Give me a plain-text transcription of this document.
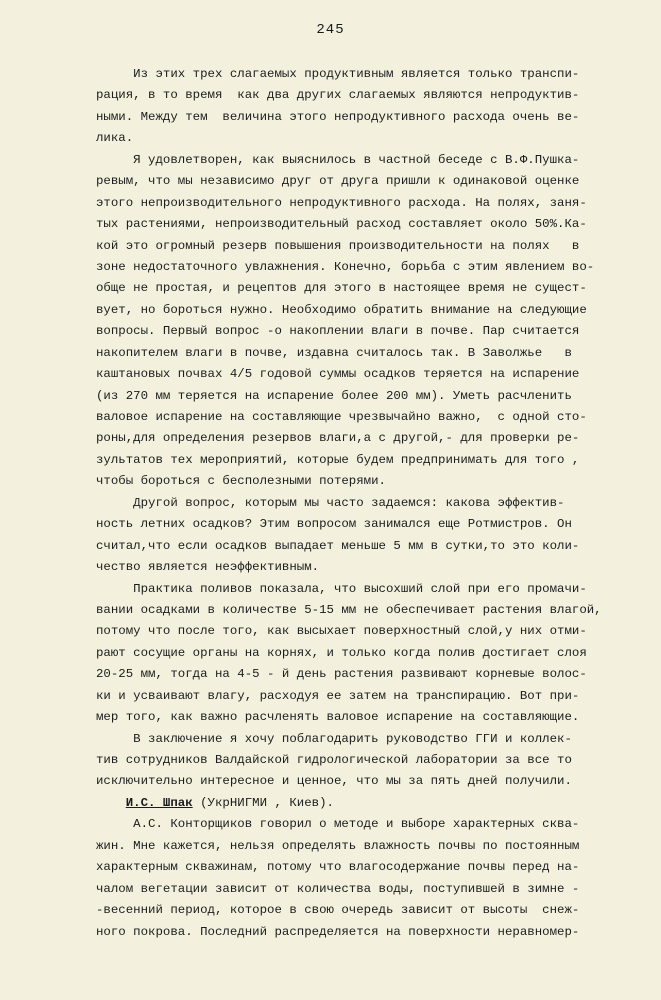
245
Из этих трех слагаемых продуктивным является только транспи-
рация, в то время  как два других слагаемых являются непродуктив-
ными. Между тем  величина этого непродуктивного расхода очень ве-
лика.
Я удовлетворен, как выяснилось в частной беседе с В.Ф.Пушка-
ревым, что мы независимо друг от друга пришли к одинаковой оценке
этого непроизводительного непродуктивного расхода. На полях, заня-
тых растениями, непроизводительный расход составляет около 50%.Ка-
кой это огромный резерв повышения производительности на полях   в
зоне недостаточного увлажнения. Конечно, борьба с этим явлением во-
обще не простая, и рецептов для этого в настоящее время не сущест-
вует, но бороться нужно. Необходимо обратить внимание на следующие
вопросы. Первый вопрос -о накоплении влаги в почве. Пар считается
накопителем влаги в почве, издавна считалось так. В Заволжье   в
каштановых почвах 4/5 годовой суммы осадков теряется на испарение
(из 270 мм теряется на испарение более 200 мм). Уметь расчленить
валовое испарение на составляющие чрезвычайно важно,  с одной сто-
роны,для определения резервов влаги,а с другой,- для проверки ре-
зультатов тех мероприятий, которые будем предпринимать для того ,
чтобы бороться с бесполезными потерями.
Другой вопрос, которым мы часто задаемся: какова эффектив-
ность летних осадков? Этим вопросом занимался еще Ротмистров. Он
считал,что если осадков выпадает меньше 5 мм в сутки,то это коли-
чество является неэффективным.
Практика поливов показала, что высохший слой при его промачи-
вании осадками в количестве 5-15 мм не обеспечивает растения влагой,
потому что после того, как высыхает поверхностный слой,у них отми-
рают сосущие органы на корнях, и только когда полив достигает слоя
20-25 мм, тогда на 4-5 - й день растения развивают корневые волос-
ки и усваивают влагу, расходуя ее затем на транспирацию. Вот при-
мер того, как важно расчленять валовое испарение на составляющие.
В заключение я хочу поблагодарить руководство ГГИ и коллек-
тив сотрудников Валдайской гидрологической лаборатории за все то
исключительно интересное и ценное, что мы за пять дней получили.
И.С. Шпак (УкрНИГМИ , Киев).
А.С. Конторщиков говорил о методе и выборе характерных сква-
жин. Мне кажется, нельзя определять влажность почвы по постоянным
характерным скважинам, потому что влагосодержание почвы перед на-
чалом вегетации зависит от количества воды, поступившей в зимне -
-весенний период, которое в свою очередь зависит от высоты  снеж-
ного покрова. Последний распределяется на поверхности неравномер-
